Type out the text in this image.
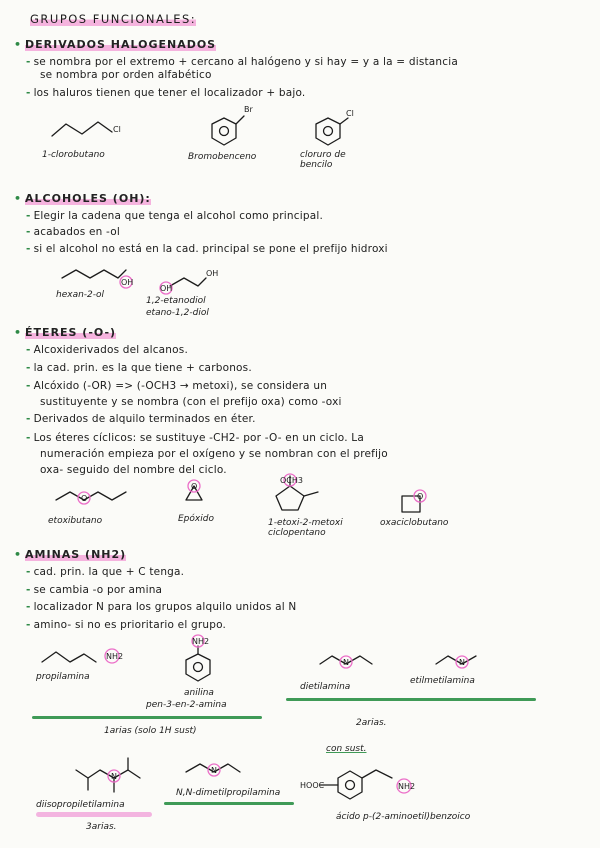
GRUPOS FUNCIONALES:
• DERIVADOS HALOGENADOS
- se nombra por el extremo + cercano al halógeno y si hay = y a la = distancia
se nombra por orden alfabético
- los haluros tienen que tener el localizador + bajo.
• ALCOHOLES (OH):
- Elegir la cadena que tenga el alcohol como principal.
- acabados en -ol
- si el alcohol no está en la cad. principal se pone el prefijo hidroxi
• ÉTERES (-O-)
- Alcoxiderivados del alcanos.
- la cad. prin. es la que tiene + carbonos.
- Alcóxido (-OR) => (-OCH3 → metoxi), se considera un
sustituyente y se nombra (con el prefijo oxa) como -oxi
- Derivados de alquilo terminados en éter.
- Los éteres cíclicos: se sustituye -CH2- por -O- en un ciclo. La
numeración empieza por el oxígeno y se nombran con el prefijo
oxa- seguido del nombre del ciclo.
• AMINAS (NH2)
- cad. prin. la que + C tenga.
- se cambia -o por amina
- localizador N para los grupos alquilo unidos al N
- amino- si no es prioritario el grupo.
Cl
Br	Cl
OH
OH
OH
O
O
OCH3
O
NH2
NH2
N	N
N
N
HOOC	NH2
1-clorobutano	Bromobenceno	cloruro de bencilo
hexan-2-ol
1,2-etanodiol
etano-1,2-diol
etoxibutano	Epóxido	1-etoxi-2-metoxi ciclopentano
oxaciclobutano
propilamina
anilina
pen-3-en-2-amina
dietilamina
etilmetilamina
1arias (solo 1H sust)
2arias.
con sust.
diisopropiletilamina
N,N-dimetilpropilamina
ácido p-(2-aminoetil)benzoico
3arias.
